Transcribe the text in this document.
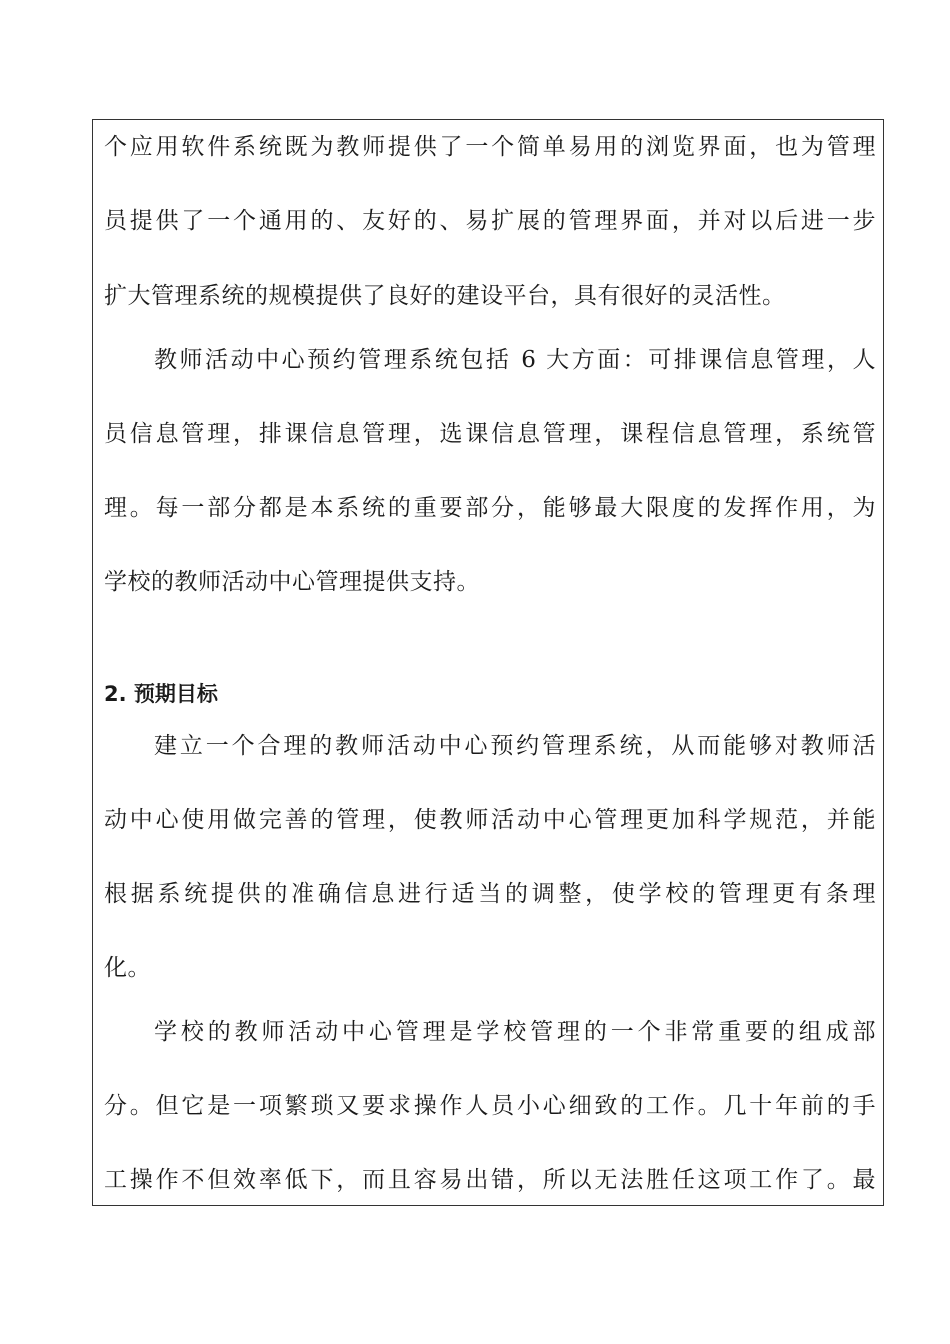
个应用软件系统既为教师提供了一个简单易用的浏览界面，也为管理
员提供了一个通用的、友好的、易扩展的管理界面，并对以后进一步
扩大管理系统的规模提供了良好的建设平台，具有很好的灵活性。
教师活动中心预约管理系统包括 6 大方面：可排课信息管理，人
员信息管理，排课信息管理，选课信息管理，课程信息管理，系统管
理。每一部分都是本系统的重要部分，能够最大限度的发挥作用，为
学校的教师活动中心管理提供支持。
2. 预期目标
建立一个合理的教师活动中心预约管理系统，从而能够对教师活
动中心使用做完善的管理，使教师活动中心管理更加科学规范，并能
根据系统提供的准确信息进行适当的调整，使学校的管理更有条理
化。
学校的教师活动中心管理是学校管理的一个非常重要的组成部
分。但它是一项繁琐又要求操作人员小心细致的工作。几十年前的手
工操作不但效率低下，而且容易出错，所以无法胜任这项工作了。最
